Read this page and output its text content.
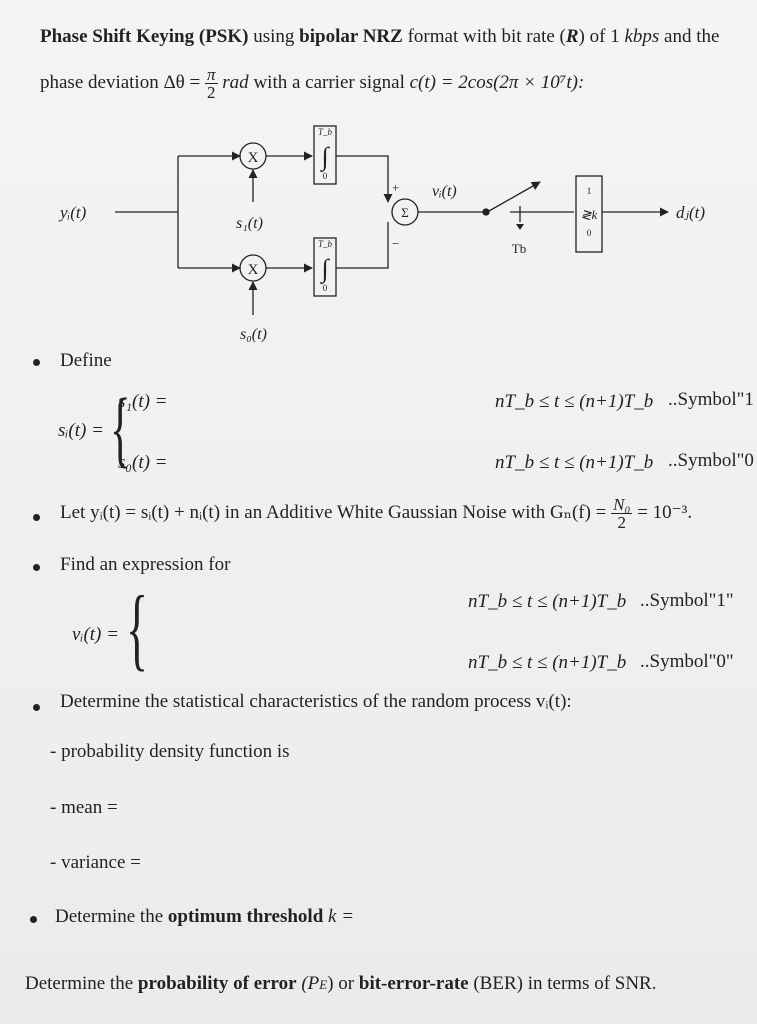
Phase Shift Keying (PSK) using bipolar NRZ format with bit rate (R) of 1 kbps and the
phase deviation $\Delta\theta = \frac{\pi}{2}$ rad with a carrier signal c(t) = 2cos(2π × 10⁷t):
yᵢ(t)
X
X
s₁(t)
s₀(t)
T_b
∫
0
T_b
∫
0
Σ
+
−
vᵢ(t)
Tb
1
≷k
0
dⱼ(t)
Define
sᵢ(t) = {
s₁(t) =	nT_b ≤ t ≤ (n+1)T_b ..Symbol"1
s₀(t) =	nT_b ≤ t ≤ (n+1)T_b ..Symbol"0
Let yᵢ(t) = sᵢ(t) + nᵢ(t) in an Additive White Gaussian Noise with $G_n(f) = \frac{\text{N₀}}{2} = 10^{-3}$.
Find an expression for
vᵢ(t) = {	nT_b ≤ t ≤ (n+1)T_b ..Symbol"1"
nT_b ≤ t ≤ (n+1)T_b ..Symbol"0"
Determine the statistical characteristics of the random process vᵢ(t):
- probability density function is
- mean =
- variance =
Determine the optimum threshold k =
Determine the probability of error (PE) or bit-error-rate (BER) in terms of SNR.
